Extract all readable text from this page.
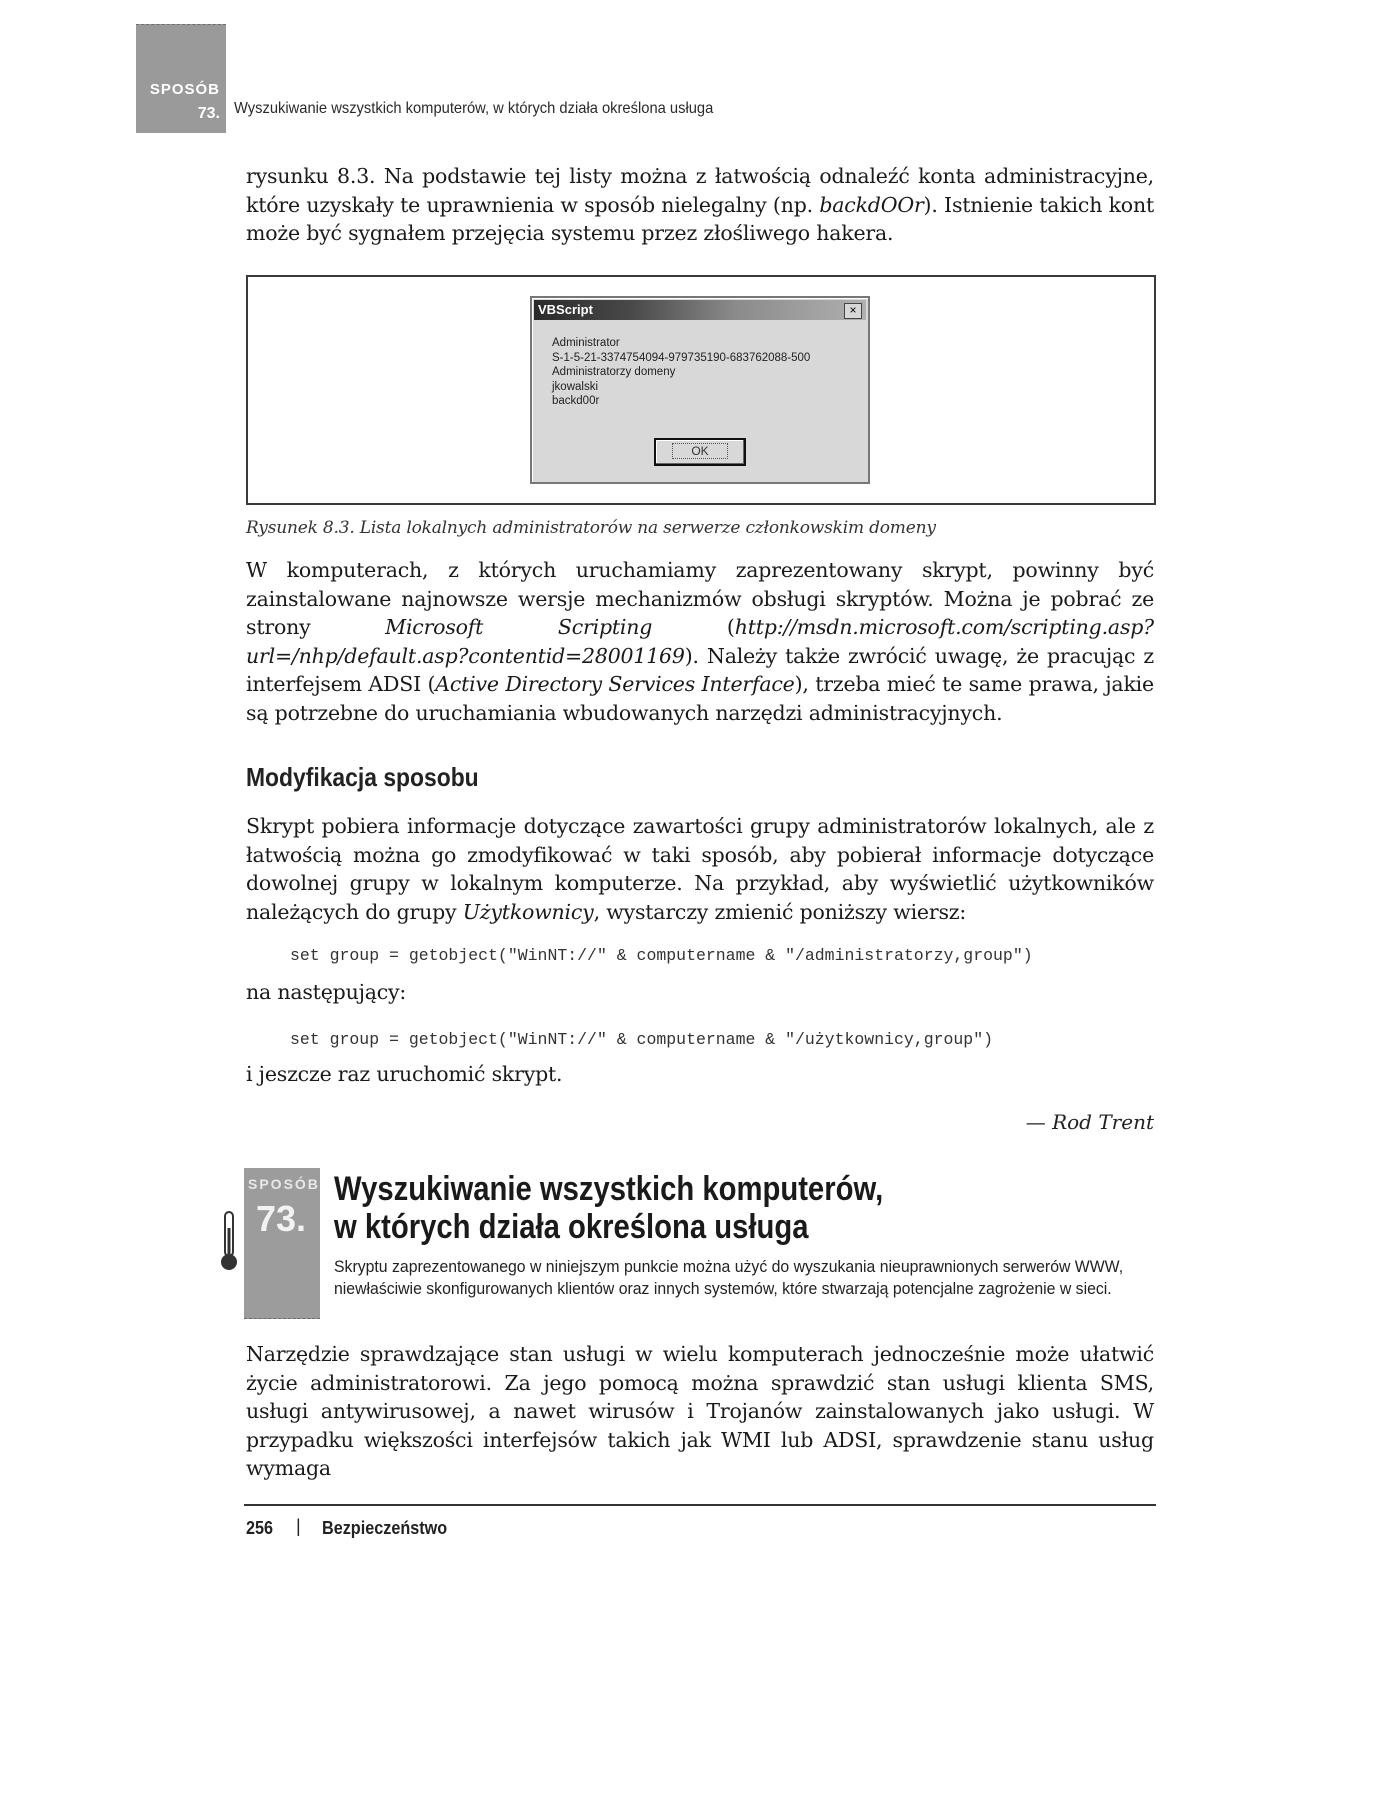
SPOSÓB
73. Wyszukiwanie wszystkich komputerów, w których działa określona usługa
rysunku 8.3. Na podstawie tej listy można z łatwością odnaleźć konta administracyjne, które uzyskały te uprawnienia w sposób nielegalny (np. backdOOr). Istnienie takich kont może być sygnałem przejęcia systemu przez złośliwego hakera.
VBScript	×
Administrator
S-1-5-21-3374754094-979735190-683762088-500
Administratorzy domeny
jkowalski
backd00r
OK
Rysunek 8.3. Lista lokalnych administratorów na serwerze członkowskim domeny
W komputerach, z których uruchamiamy zaprezentowany skrypt, powinny być zainstalowane najnowsze wersje mechanizmów obsługi skryptów. Można je pobrać ze strony Microsoft Scripting (http://msdn.microsoft.com/scripting.asp?url=/nhp/default.asp?contentid=28001169). Należy także zwrócić uwagę, że pracując z interfejsem ADSI (Active Directory Services Interface), trzeba mieć te same prawa, jakie są potrzebne do uruchamiania wbudowanych narzędzi administracyjnych.
Modyfikacja sposobu
Skrypt pobiera informacje dotyczące zawartości grupy administratorów lokalnych, ale z łatwością można go zmodyfikować w taki sposób, aby pobierał informacje dotyczące dowolnej grupy w lokalnym komputerze. Na przykład, aby wyświetlić użytkowników należących do grupy Użytkownicy, wystarczy zmienić poniższy wiersz:
set group = getobject("WinNT://" & computername & "/administratorzy,group")
na następujący:
set group = getobject("WinNT://" & computername & "/użytkownicy,group")
i jeszcze raz uruchomić skrypt.
— Rod Trent
SPOSÓB
73.
Wyszukiwanie wszystkich komputerów,
w których działa określona usługa
Skryptu zaprezentowanego w niniejszym punkcie można użyć do wyszukania nieuprawnionych serwerów WWW, niewłaściwie skonfigurowanych klientów oraz innych systemów, które stwarzają potencjalne zagrożenie w sieci.
Narzędzie sprawdzające stan usługi w wielu komputerach jednocześnie może ułatwić życie administratorowi. Za jego pomocą można sprawdzić stan usługi klienta SMS, usługi antywirusowej, a nawet wirusów i Trojanów zainstalowanych jako usługi. W przypadku większości interfejsów takich jak WMI lub ADSI, sprawdzenie stanu usług wymaga
256 | Bezpieczeństwo
